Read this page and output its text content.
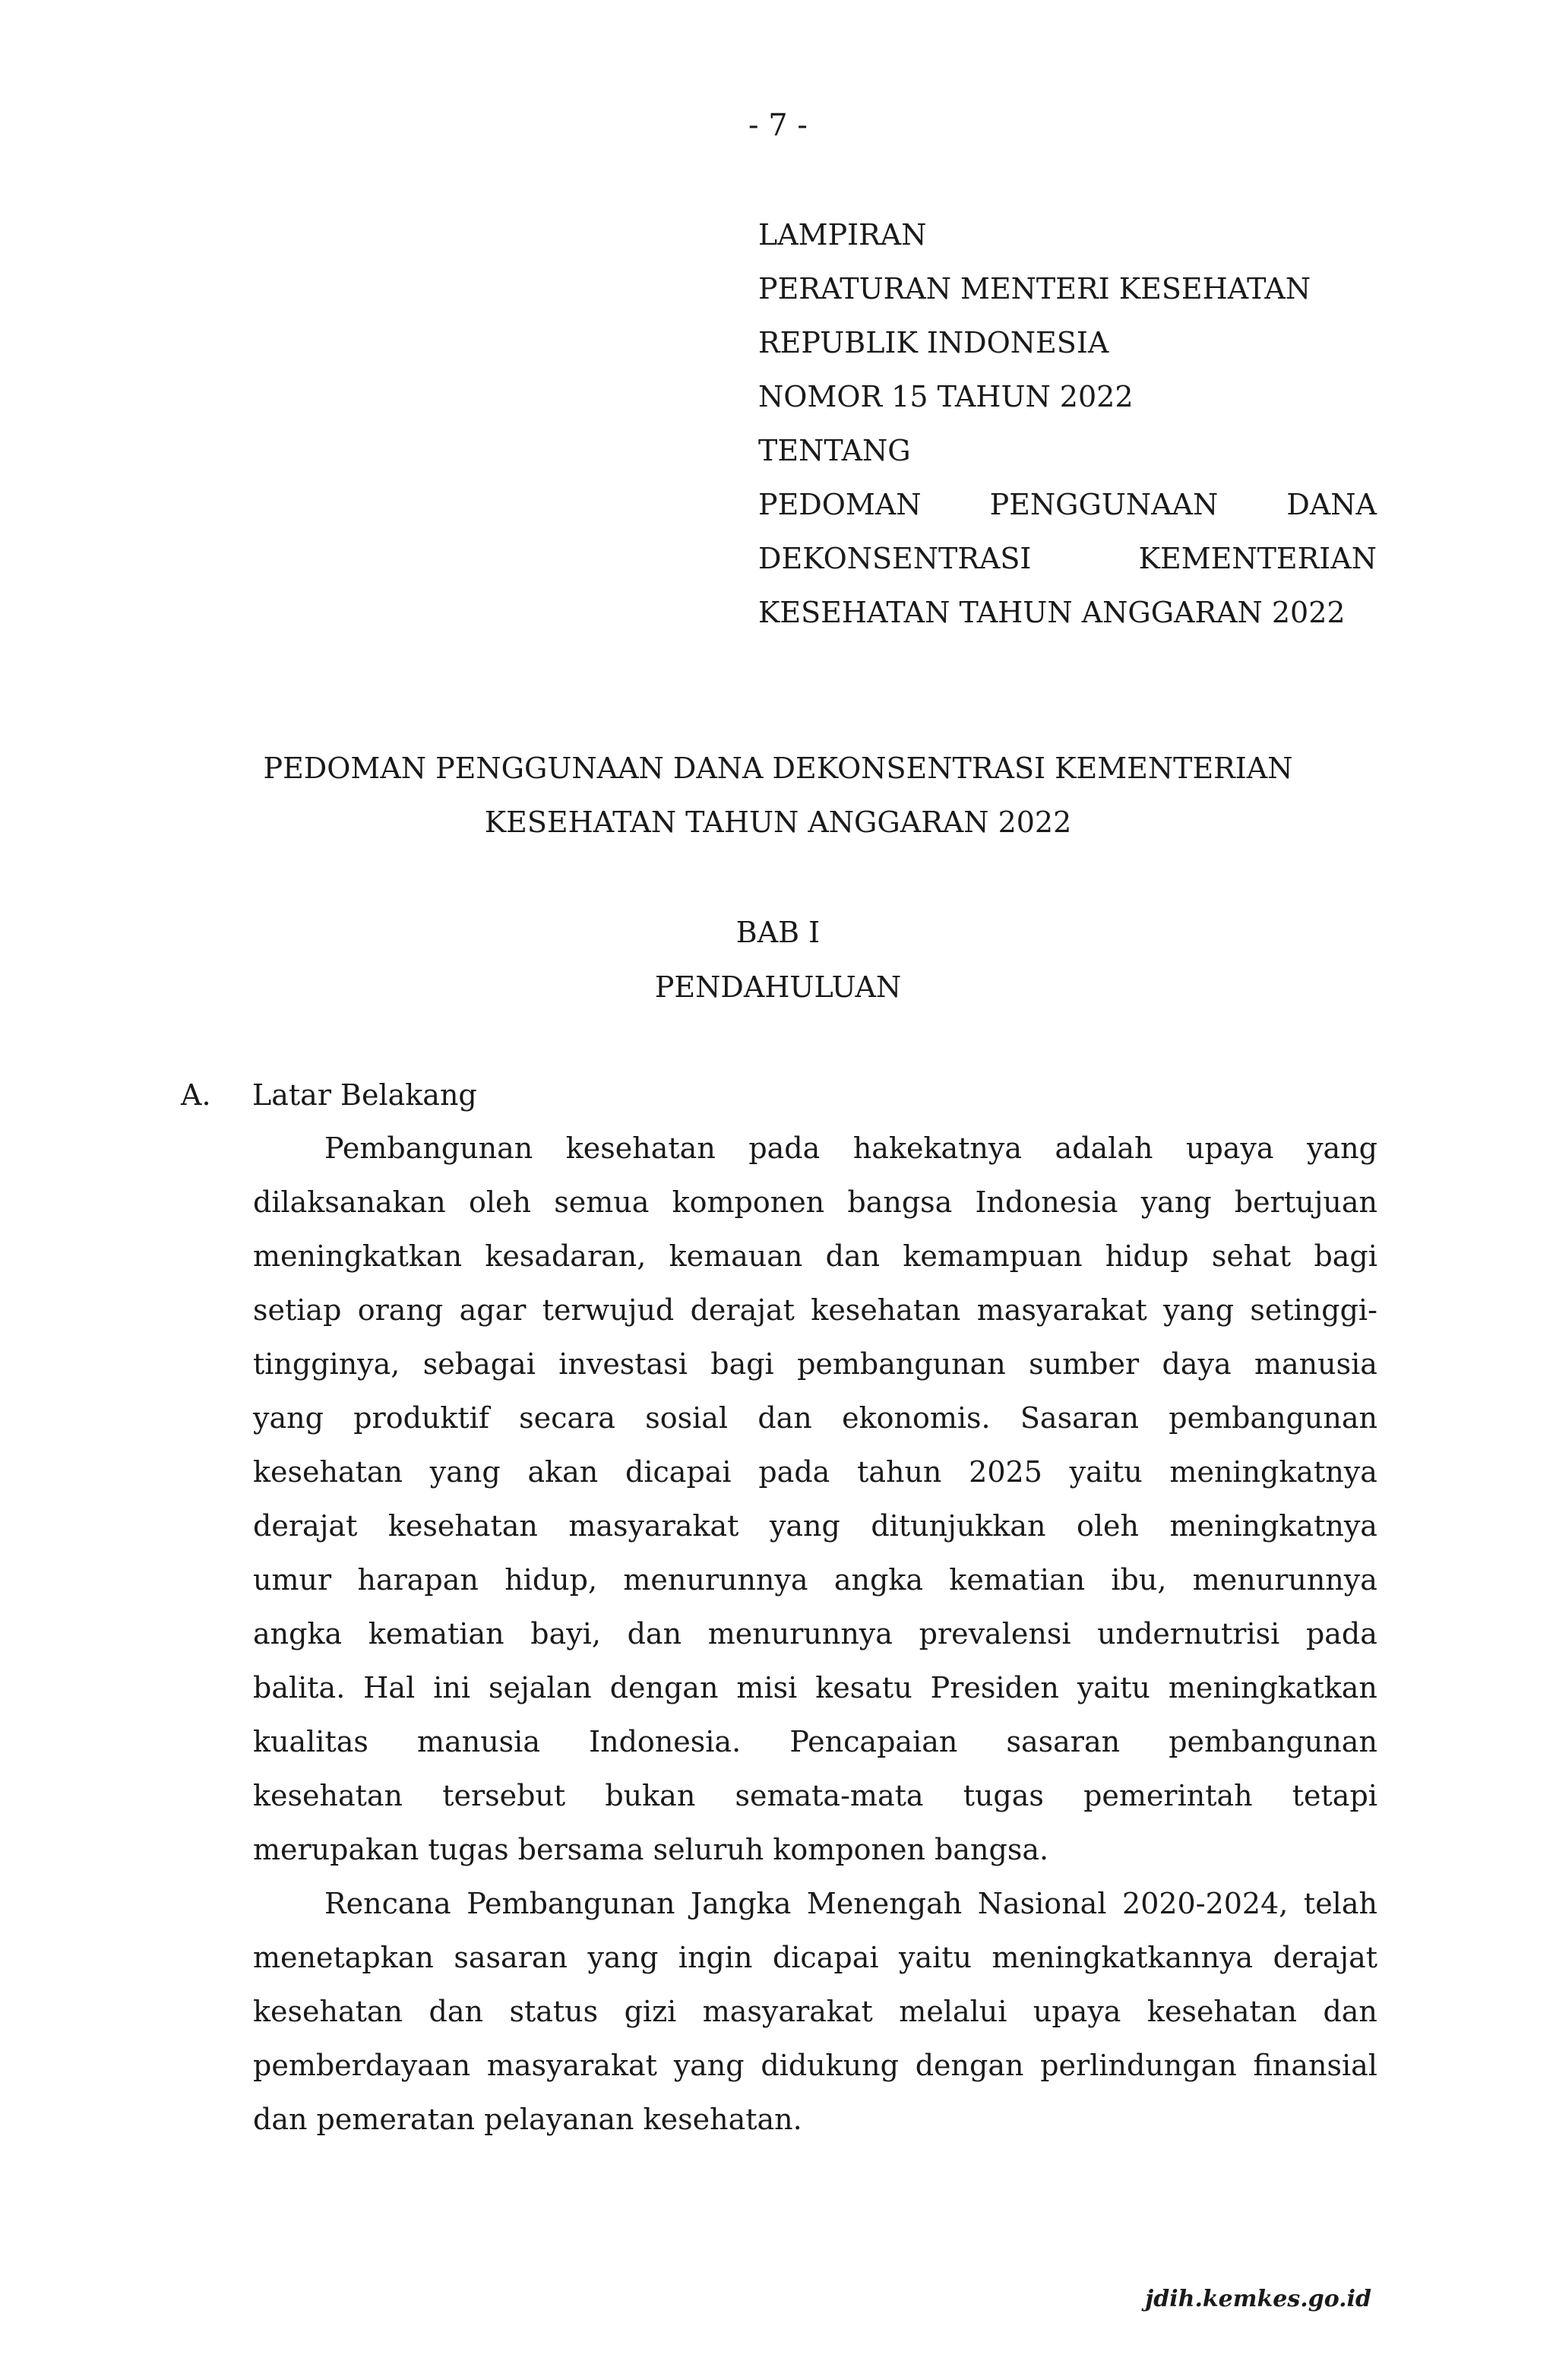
- 7 -
LAMPIRAN
PERATURAN MENTERI KESEHATAN
REPUBLIK INDONESIA
NOMOR 15 TAHUN 2022
TENTANG
PEDOMAN PENGGUNAAN DANA
DEKONSENTRASI	KEMENTERIAN
KESEHATAN TAHUN ANGGARAN 2022
PEDOMAN PENGGUNAAN DANA DEKONSENTRASI KEMENTERIAN
KESEHATAN TAHUN ANGGARAN 2022
BAB I
PENDAHULUAN
A. Latar Belakang
Pembangunan kesehatan pada hakekatnya adalah upaya yang
dilaksanakan oleh semua komponen bangsa Indonesia yang bertujuan
meningkatkan kesadaran, kemauan dan kemampuan hidup sehat bagi
setiap orang agar terwujud derajat kesehatan masyarakat yang setinggi-
tingginya, sebagai investasi bagi pembangunan sumber daya manusia
yang produktif secara sosial dan ekonomis. Sasaran pembangunan
kesehatan yang akan dicapai pada tahun 2025 yaitu meningkatnya
derajat kesehatan masyarakat yang ditunjukkan oleh meningkatnya
umur harapan hidup, menurunnya angka kematian ibu, menurunnya
angka kematian bayi, dan menurunnya prevalensi undernutrisi pada
balita. Hal ini sejalan dengan misi kesatu Presiden yaitu meningkatkan
kualitas manusia Indonesia. Pencapaian sasaran pembangunan
kesehatan tersebut bukan semata-mata tugas pemerintah tetapi
merupakan tugas bersama seluruh komponen bangsa.
Rencana Pembangunan Jangka Menengah Nasional 2020-2024, telah
menetapkan sasaran yang ingin dicapai yaitu meningkatkannya derajat
kesehatan dan status gizi masyarakat melalui upaya kesehatan dan
pemberdayaan masyarakat yang didukung dengan perlindungan finansial
dan pemeratan pelayanan kesehatan.
jdih.kemkes.go.id
